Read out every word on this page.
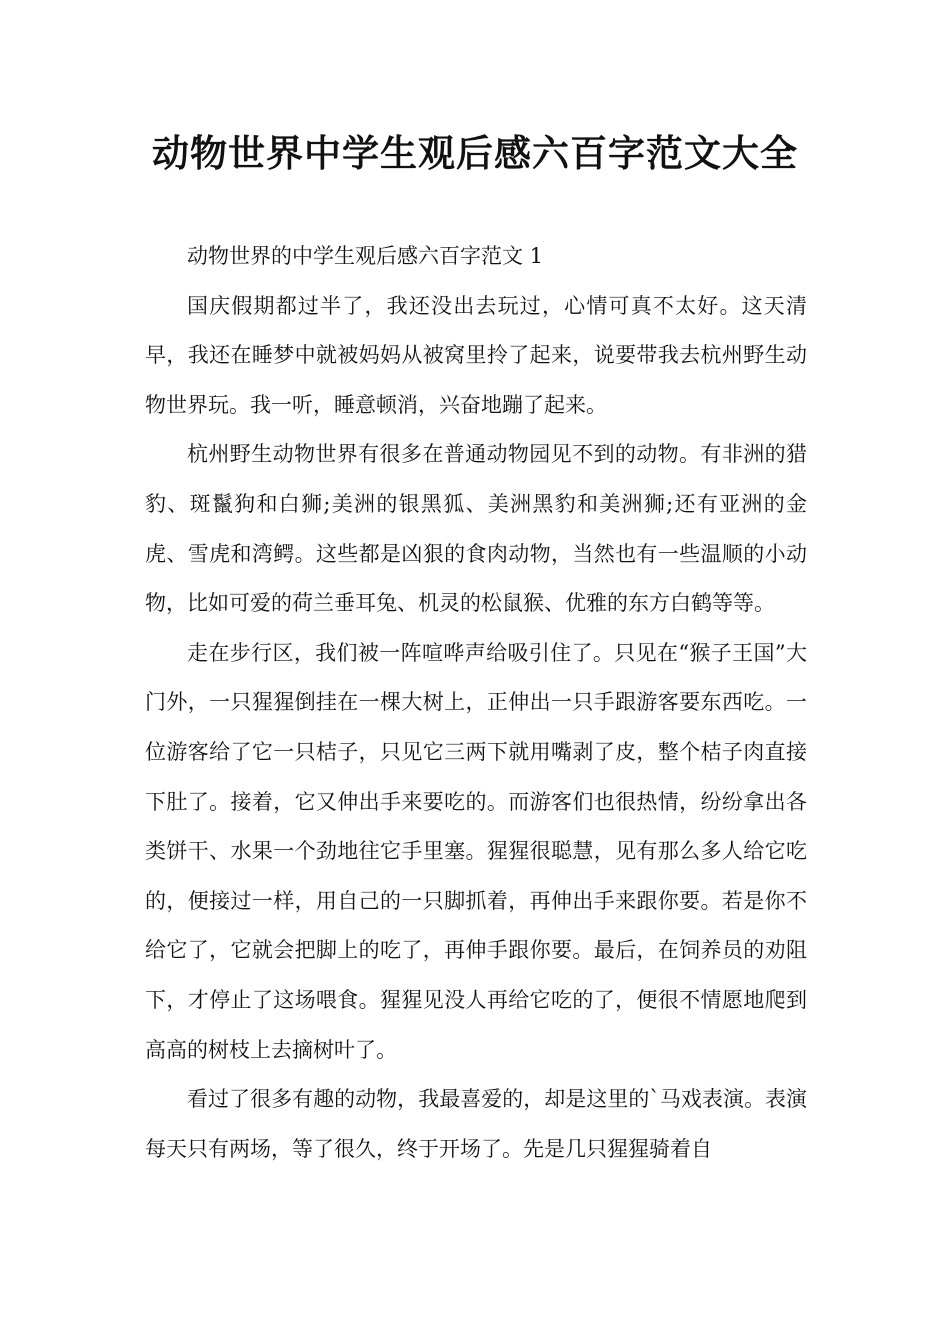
动物世界中学生观后感六百字范文大全

动物世界的中学生观后感六百字范文 1

国庆假期都过半了，我还没出去玩过，心情可真不太好。这天清早，我还在睡梦中就被妈妈从被窝里拎了起来，说要带我去杭州野生动物世界玩。我一听，睡意顿消，兴奋地蹦了起来。

杭州野生动物世界有很多在普通动物园见不到的动物。有非洲的猎豹、斑鬣狗和白狮;美洲的银黑狐、美洲黑豹和美洲狮;还有亚洲的金虎、雪虎和湾鳄。这些都是凶狠的食肉动物，当然也有一些温顺的小动物，比如可爱的荷兰垂耳兔、机灵的松鼠猴、优雅的东方白鹤等等。

走在步行区，我们被一阵喧哗声给吸引住了。只见在“猴子王国”大门外，一只猩猩倒挂在一棵大树上，正伸出一只手跟游客要东西吃。一位游客给了它一只桔子，只见它三两下就用嘴剥了皮，整个桔子肉直接下肚了。接着，它又伸出手来要吃的。而游客们也很热情，纷纷拿出各类饼干、水果一个劲地往它手里塞。猩猩很聪慧，见有那么多人给它吃的，便接过一样，用自己的一只脚抓着，再伸出手来跟你要。若是你不给它了，它就会把脚上的吃了，再伸手跟你要。最后，在饲养员的劝阻下，才停止了这场喂食。猩猩见没人再给它吃的了，便很不情愿地爬到高高的树枝上去摘树叶了。

看过了很多有趣的动物，我最喜爱的，却是这里的`马戏表演。表演每天只有两场，等了很久，终于开场了。先是几只猩猩骑着自
